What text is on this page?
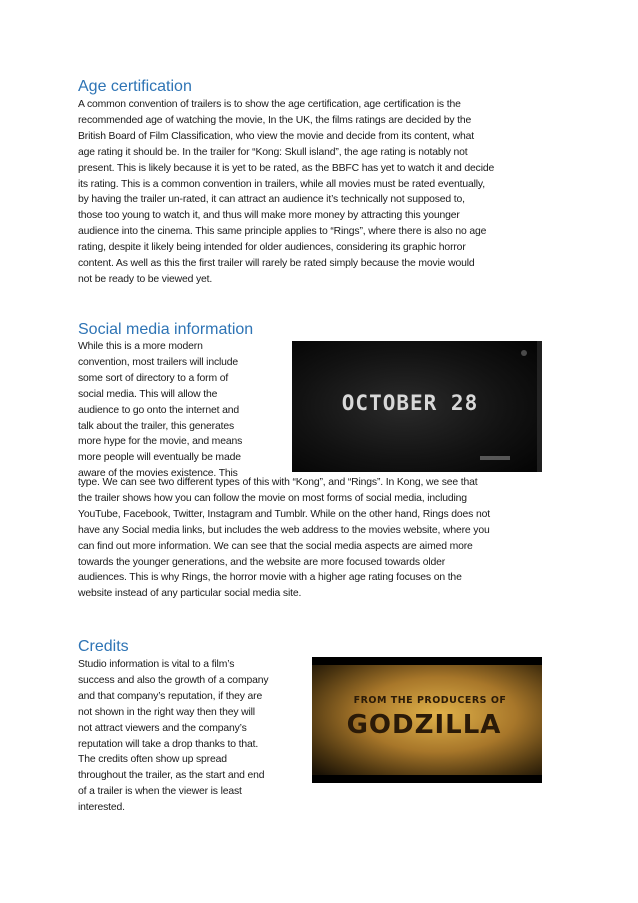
Age certification
A common convention of trailers is to show the age certification, age certification is the
recommended age of watching the movie, In the UK, the films ratings are decided by the
British Board of Film Classification, who view the movie and decide from its content, what
age rating it should be. In the trailer for “Kong: Skull island”, the age rating is notably not
present. This is likely because it is yet to be rated, as the BBFC has yet to watch it and decide
its rating. This is a common convention in trailers, while all movies must be rated eventually,
by having the trailer un-rated, it can attract an audience it’s technically not supposed to,
those too young to watch it, and thus will make more money by attracting this younger
audience into the cinema. This same principle applies to “Rings”, where there is also no age
rating, despite it likely being intended for older audiences, considering its graphic horror
content. As well as this the first trailer will rarely be rated simply because the movie would
not be ready to be viewed yet.
Social media information
While this is a more modern
convention, most trailers will include
some sort of directory to a form of
social media. This will allow the
audience to go onto the internet and
talk about the trailer, this generates
more hype for the movie, and means
more people will eventually be made
aware of the movies existence. This
OCTOBER 28
type. We can see two different types of this with “Kong”, and “Rings”. In Kong, we see that
the trailer shows how you can follow the movie on most forms of social media, including
YouTube, Facebook, Twitter, Instagram and Tumblr. While on the other hand, Rings does not
have any Social media links, but includes the web address to the movies website, where you
can find out more information. We can see that the social media aspects are aimed more
towards the younger generations, and the website are more focused towards older
audiences. This is why Rings, the horror movie with a higher age rating focuses on the
website instead of any particular social media site.
Credits
Studio information is vital to a film’s
success and also the growth of a company
and that company’s reputation, if they are
not shown in the right way then they will
not attract viewers and the company’s
reputation will take a drop thanks to that.
The credits often show up spread
throughout the trailer, as the start and end
of a trailer is when the viewer is least
interested.
FROM THE PRODUCERS OF
GODZILLA
